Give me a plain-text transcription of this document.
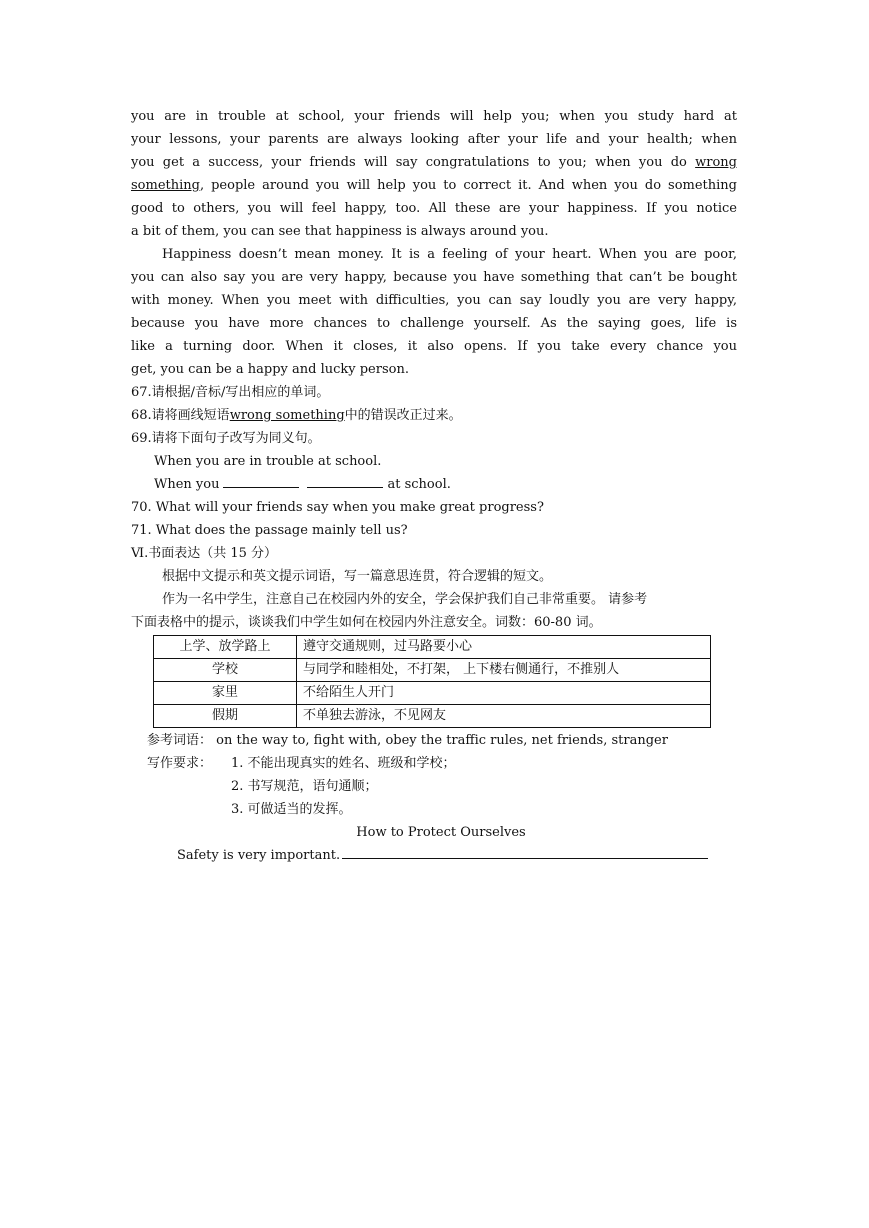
you are in trouble at school, your friends will help you; when you study hard at
your lessons, your parents are always looking after your life and your health; when
you get a success, your friends will say congratulations to you; when you do wrong
something, people around you will help you to correct it. And when you do something
good to others, you will feel happy, too. All these are your happiness. If you notice
a bit of them, you can see that happiness is always around you.
Happiness doesn’t mean money. It is a feeling of your heart. When you are poor,
you can also say you are very happy, because you have something that can’t be bought
with money. When you meet with difficulties, you can say loudly you are very happy,
because you have more chances to challenge yourself. As the saying goes, life is
like a turning door. When it closes, it also opens. If you take every chance you
get, you can be a happy and lucky person.
67.请根据/音标/写出相应的单词。
68.请将画线短语wrong something中的错误改正过来。
69.请将下面句子改写为同义句。
When you are in trouble at school.
When you	at school.
70. What will your friends say when you make great progress?
71. What does the passage mainly tell us?
Ⅵ.书面表达（共 15 分）
根据中文提示和英文提示词语，写一篇意思连贯，符合逻辑的短文。
作为一名中学生，注意自己在校园内外的安全，学会保护我们自己非常重要。 请参考
下面表格中的提示，谈谈我们中学生如何在校园内外注意安全。词数：60-80 词。
上学、放学路上	遵守交通规则，过马路要小心
学校	与同学和睦相处，不打架， 上下楼右侧通行，不推别人
家里	不给陌生人开门
假期	不单独去游泳，不见网友
参考词语： on the way to, fight with, obey the traffic rules, net friends, stranger
写作要求： 1. 不能出现真实的姓名、班级和学校；
2. 书写规范，语句通顺；
3. 可做适当的发挥。
How to Protect Ourselves
Safety is very important.
